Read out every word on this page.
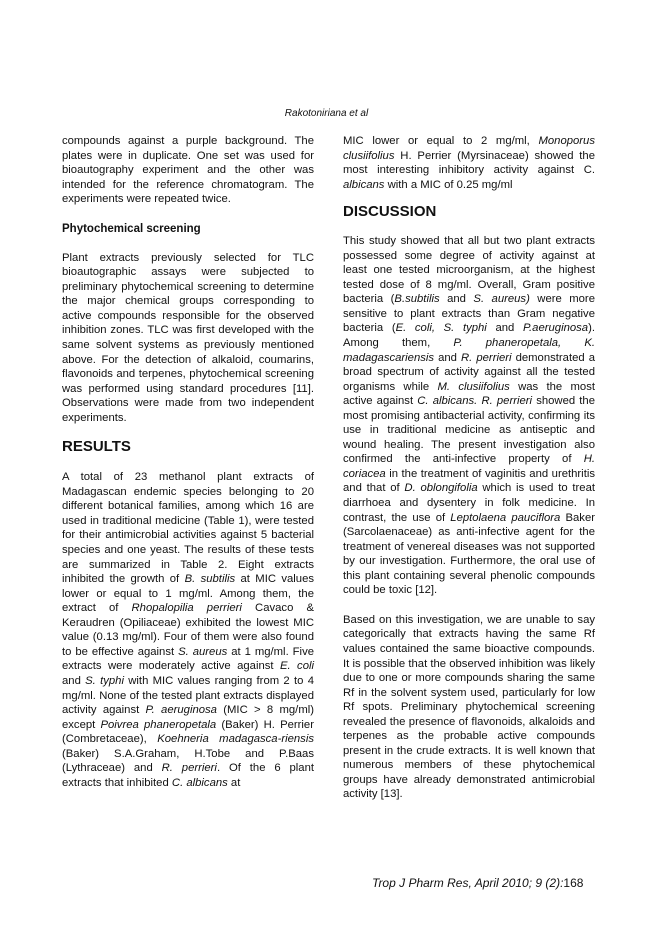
Rakotoniriana et al

compounds against a purple background. The plates were in duplicate. One set was used for bioautography experiment and the other was intended for the reference chromatogram. The experiments were repeated twice.

Phytochemical screening

Plant extracts previously selected for TLC bioautographic assays were subjected to preliminary phytochemical screening to determine the major chemical groups corresponding to active compounds responsible for the observed inhibition zones. TLC was first developed with the same solvent systems as previously mentioned above. For the detection of alkaloid, coumarins, flavonoids and terpenes, phytochemical screening was performed using standard procedures [11]. Observations were made from two independent experiments.

RESULTS

A total of 23 methanol plant extracts of Madagascan endemic species belonging to 20 different botanical families, among which 16 are used in traditional medicine (Table 1), were tested for their antimicrobial activities against 5 bacterial species and one yeast. The results of these tests are summarized in Table 2. Eight extracts inhibited the growth of B. subtilis at MIC values lower or equal to 1 mg/ml. Among them, the extract of Rhopalopilia perrieri Cavaco & Keraudren (Opiliaceae) exhibited the lowest MIC value (0.13 mg/ml). Four of them were also found to be effective against S. aureus at 1 mg/ml. Five extracts were moderately active against E. coli and S. typhi with MIC values ranging from 2 to 4 mg/ml. None of the tested plant extracts displayed activity against P. aeruginosa (MIC > 8 mg/ml) except Poivrea phaneropetala (Baker) H. Perrier (Combretaceae), Koehneria madagasca-riensis (Baker) S.A.Graham, H.Tobe and P.Baas (Lythraceae) and R. perrieri. Of the 6 plant extracts that inhibited C. albicans at

MIC lower or equal to 2 mg/ml, Monoporus clusiifolius H. Perrier (Myrsinaceae) showed the most interesting inhibitory activity against C. albicans with a MIC of 0.25 mg/ml

DISCUSSION

This study showed that all but two plant extracts possessed some degree of activity against at least one tested microorganism, at the highest tested dose of 8 mg/ml. Overall, Gram positive bacteria (B.subtilis and S. aureus) were more sensitive to plant extracts than Gram negative bacteria (E. coli, S. typhi and P.aeruginosa). Among them, P. phaneropetala, K. madagascariensis and R. perrieri demonstrated a broad spectrum of activity against all the tested organisms while M. clusiifolius was the most active against C. albicans. R. perrieri showed the most promising antibacterial activity, confirming its use in traditional medicine as antiseptic and wound healing. The present investigation also confirmed the anti-infective property of H. coriacea in the treatment of vaginitis and urethritis and that of D. oblongifolia which is used to treat diarrhoea and dysentery in folk medicine. In contrast, the use of Leptolaena pauciflora Baker (Sarcolaenaceae) as anti-infective agent for the treatment of venereal diseases was not supported by our investigation. Furthermore, the oral use of this plant containing several phenolic compounds could be toxic [12].

Based on this investigation, we are unable to say categorically that extracts having the same Rf values contained the same bioactive compounds. It is possible that the observed inhibition was likely due to one or more compounds sharing the same Rf in the solvent system used, particularly for low Rf spots. Preliminary phytochemical screening revealed the presence of flavonoids, alkaloids and terpenes as the probable active compounds present in the crude extracts. It is well known that numerous members of these phytochemical groups have already demonstrated antimicrobial activity [13].

Trop J Pharm Res, April 2010; 9 (2):168
